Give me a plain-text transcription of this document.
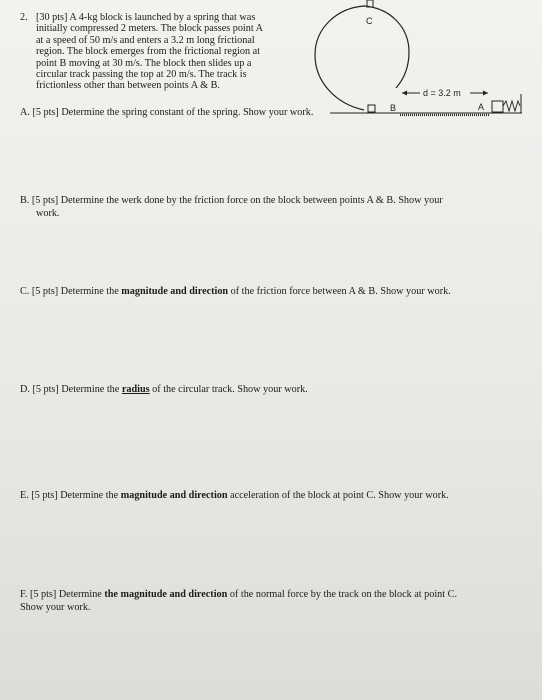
C
B
d = 3.2 m
A
2. [30 pts] A 4-kg block is launched by a spring that was
initially compressed 2 meters. The block passes point A
at a speed of 50 m/s and enters a 3.2 m long frictional
region. The block emerges from the frictional region at
point B moving at 30 m/s. The block then slides up a
circular track passing the top at 20 m/s. The track is
frictionless other than between points A & B.
A. [5 pts] Determine the spring constant of the spring. Show your work.
B. [5 pts] Determine the werk done by the friction force on the block between points A & B. Show your
work.
C. [5 pts] Determine the magnitude and direction of the friction force between A & B. Show your work.
D. [5 pts] Determine the radius of the circular track. Show your work.
E. [5 pts] Determine the magnitude and direction acceleration of the block at point C. Show your work.
F. [5 pts] Determine the magnitude and direction of the normal force by the track on the block at point C.
Show your work.
